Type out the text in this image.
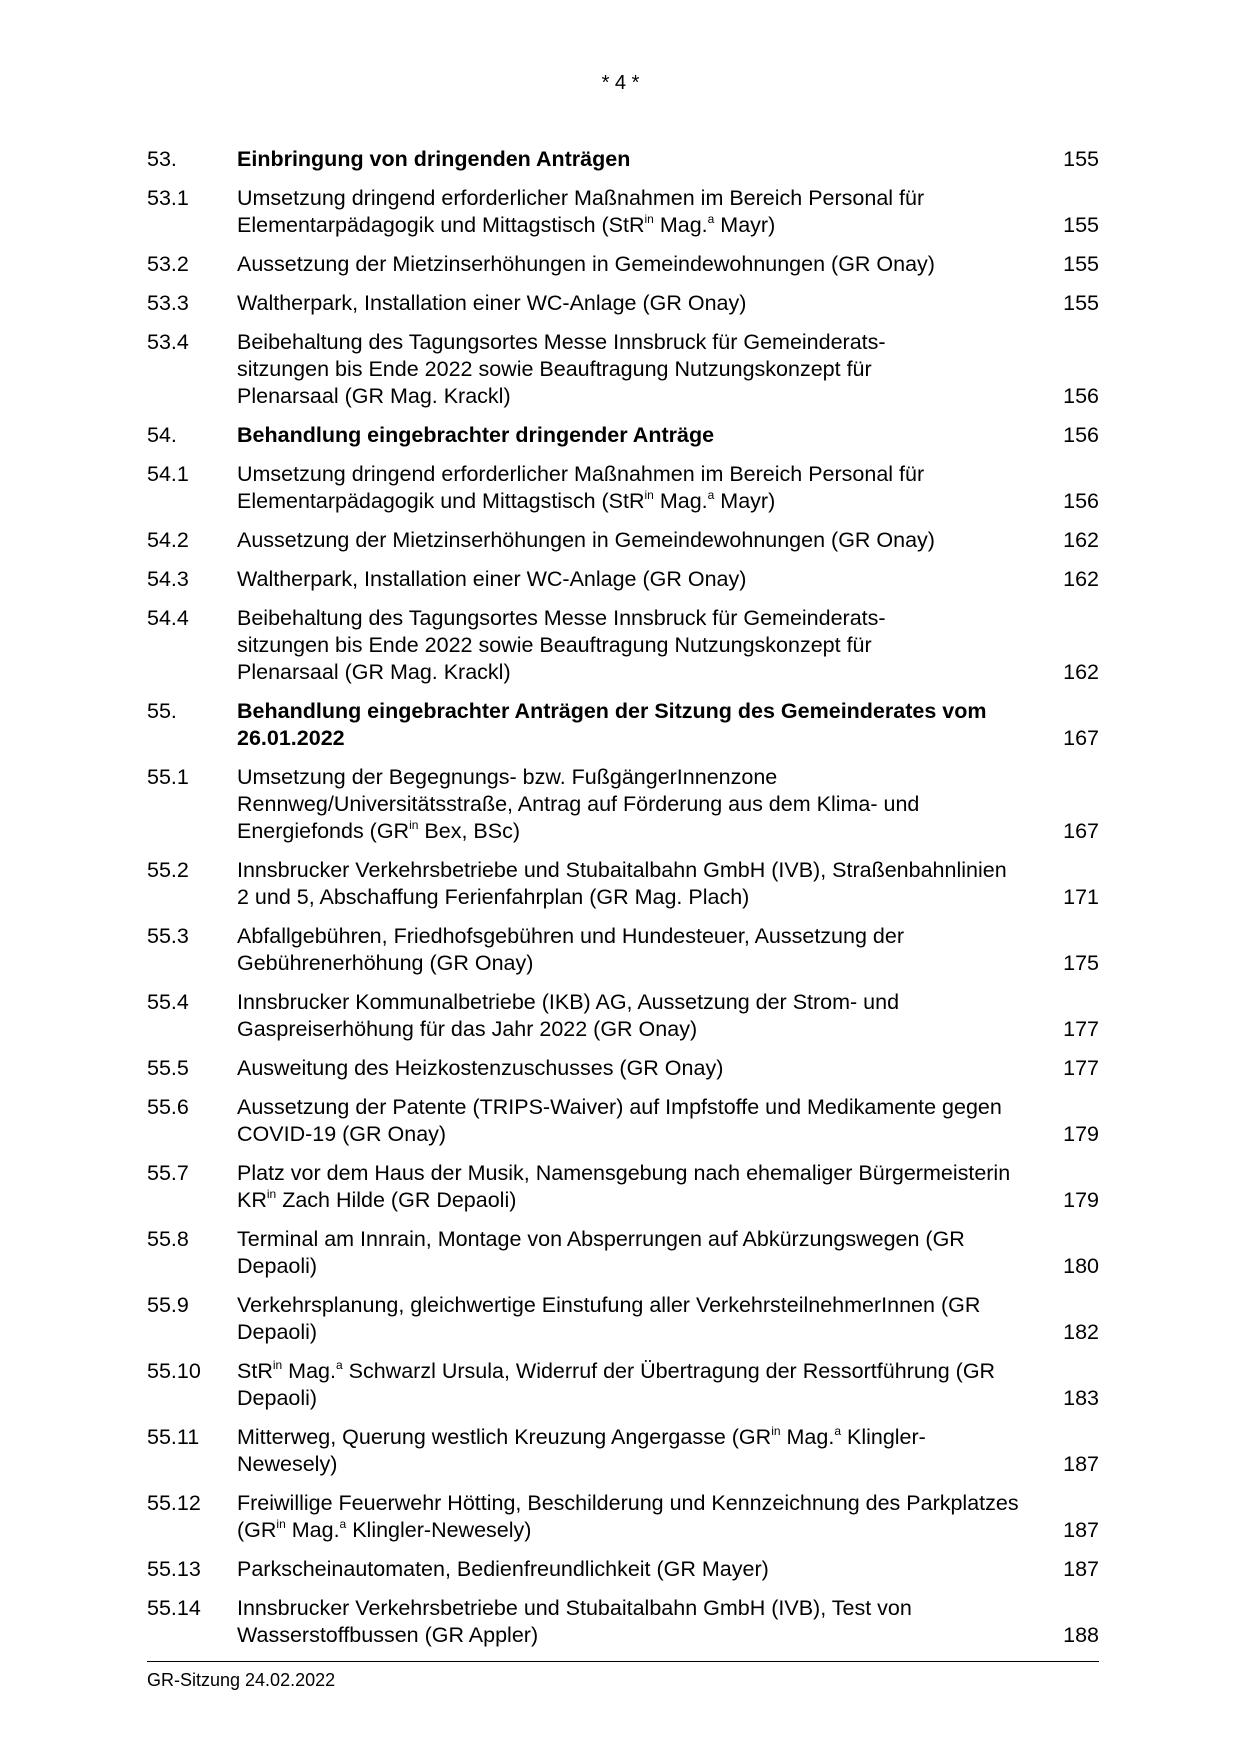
* 4 *
53.	Einbringung von dringenden Anträgen	155
53.1	Umsetzung dringend erforderlicher Maßnahmen im Bereich Personal für Elementarpädagogik und Mittagstisch (StR$^{in}$ Mag.$^a$ Mayr)	155
53.2	Aussetzung der Mietzinserhöhungen in Gemeindewohnungen (GR Onay)	155
53.3	Waltherpark, Installation einer WC-Anlage (GR Onay)	155
53.4	Beibehaltung des Tagungsortes Messe Innsbruck für Gemeinderats-
sitzungen bis Ende 2022 sowie Beauftragung Nutzungskonzept für
Plenarsaal (GR Mag. Krackl)	156
54.	Behandlung eingebrachter dringender Anträge	156
54.1	Umsetzung dringend erforderlicher Maßnahmen im Bereich Personal für Elementarpädagogik und Mittagstisch (StR$^{in}$ Mag.$^a$ Mayr)	156
54.2	Aussetzung der Mietzinserhöhungen in Gemeindewohnungen (GR Onay)	162
54.3	Waltherpark, Installation einer WC-Anlage (GR Onay)	162
54.4	Beibehaltung des Tagungsortes Messe Innsbruck für Gemeinderats-
sitzungen bis Ende 2022 sowie Beauftragung Nutzungskonzept für
Plenarsaal (GR Mag. Krackl)	162
55.	Behandlung eingebrachter Anträgen der Sitzung des Gemeinderates vom 26.01.2022	167
55.1	Umsetzung der Begegnungs- bzw. FußgängerInnenzone
Rennweg/Universitätsstraße, Antrag auf Förderung aus dem Klima- und Energiefonds ($GR^{in}$ Bex, BSc)	167
55.2	Innsbrucker Verkehrsbetriebe und Stubaitalbahn GmbH (IVB), Straßenbahnlinien 2 und 5, Abschaffung Ferienfahrplan (GR Mag. Plach)	171
55.3	Abfallgebühren, Friedhofsgebühren und Hundesteuer, Aussetzung der Gebührenerhöhung (GR Onay)	175
55.4	Innsbrucker Kommunalbetriebe (IKB) AG, Aussetzung der Strom- und Gaspreiserhöhung für das Jahr 2022 (GR Onay)	177
55.5	Ausweitung des Heizkostenzuschusses (GR Onay)	177
55.6	Aussetzung der Patente (TRIPS-Waiver) auf Impfstoffe und Medikamente gegen COVID-19 (GR Onay)	179
55.7	Platz vor dem Haus der Musik, Namensgebung nach ehemaliger Bürgermeisterin $KR^{in}$ Zach Hilde (GR Depaoli)	179
55.8	Terminal am Innrain, Montage von Absperrungen auf Abkürzungswegen (GR Depaoli)	180
55.9	Verkehrsplanung, gleichwertige Einstufung aller VerkehrsteilnehmerInnen (GR Depaoli)	182
55.10	StR$^{in}$ Mag.$^a$ Schwarzl Ursula, Widerruf der Übertragung der Ressortführung (GR Depaoli)	183
55.11	Mitterweg, Querung westlich Kreuzung Angergasse ($GR^{in}$ Mag.$^a$ Klingler-Newesely)	187
55.12	Freiwillige Feuerwehr Hötting, Beschilderung und Kennzeichnung des Parkplatzes ($GR^{in}$ Mag.$^a$ Klingler-Newesely)	187
55.13	Parkscheinautomaten, Bedienfreundlichkeit (GR Mayer)	187
55.14	Innsbrucker Verkehrsbetriebe und Stubaitalbahn GmbH (IVB), Test von Wasserstoffbussen (GR Appler)	188
GR-Sitzung 24.02.2022
